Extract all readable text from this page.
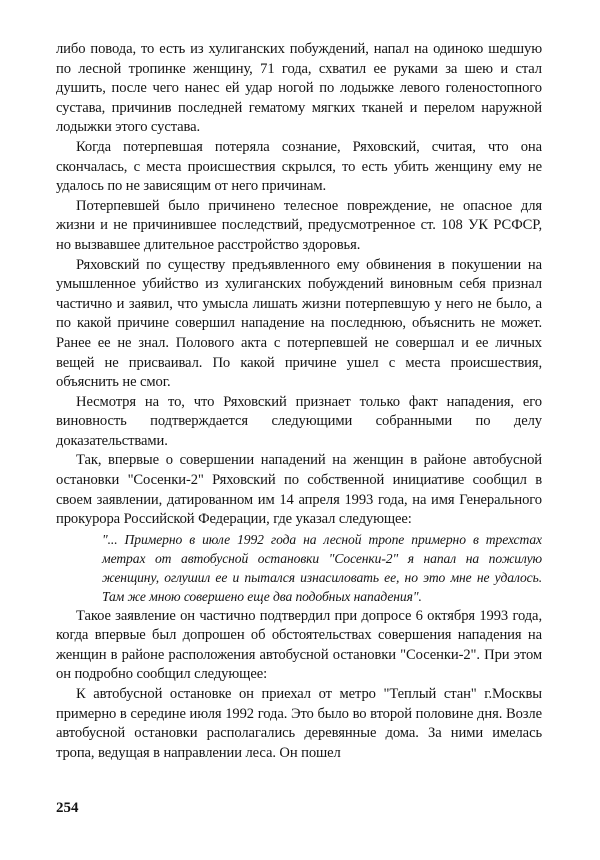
либо повода, то есть из хулиганских побуждений, напал на одиноко шедшую по лесной тропинке женщину, 71 года, схватил ее руками за шею и стал душить, после чего нанес ей удар ногой по лодыжке левого голеностопного сустава, причинив последней гематому мягких тканей и перелом наружной лодыжки этого сустава.

Когда потерпевшая потеряла сознание, Ряховский, считая, что она скончалась, с места происшествия скрылся, то есть убить женщину ему не удалось по не зависящим от него причинам.

Потерпевшей было причинено телесное повреждение, не опасное для жизни и не причинившее последствий, предусмотренное ст. 108 УК РСФСР, но вызвавшее длительное расстройство здоровья.

Ряховский по существу предъявленного ему обвинения в покушении на умышленное убийство из хулиганских побуждений виновным себя признал частично и заявил, что умысла лишать жизни потерпевшую у него не было, а по какой причине совершил нападение на последнюю, объяснить не может. Ранее ее не знал. Полового акта с потерпевшей не совершал и ее личных вещей не присваивал. По какой причине ушел с места происшествия, объяснить не смог.

Несмотря на то, что Ряховский признает только факт нападения, его виновность подтверждается следующими собранными по делу доказательствами.

Так, впервые о совершении нападений на женщин в районе автобусной остановки "Сосенки-2" Ряховский по собственной инициативе сообщил в своем заявлении, датированном им 14 апреля 1993 года, на имя Генерального прокурора Российской Федерации, где указал следующее:

"... Примерно в июле 1992 года на лесной тропе примерно в трехстах метрах от автобусной остановки "Сосенки-2" я напал на пожилую женщину, оглушил ее и пытался изнасиловать ее, но это мне не удалось. Там же мною совершено еще два подобных нападения".

Такое заявление он частично подтвердил при допросе 6 октября 1993 года, когда впервые был допрошен об обстоятельствах совершения нападения на женщин в районе расположения автобусной остановки "Сосенки-2". При этом он подробно сообщил следующее:

К автобусной остановке он приехал от метро "Теплый стан" г.Москвы примерно в середине июля 1992 года. Это было во второй половине дня. Возле автобусной остановки располагались деревянные дома. За ними имелась тропа, ведущая в направлении леса. Он пошел

254
